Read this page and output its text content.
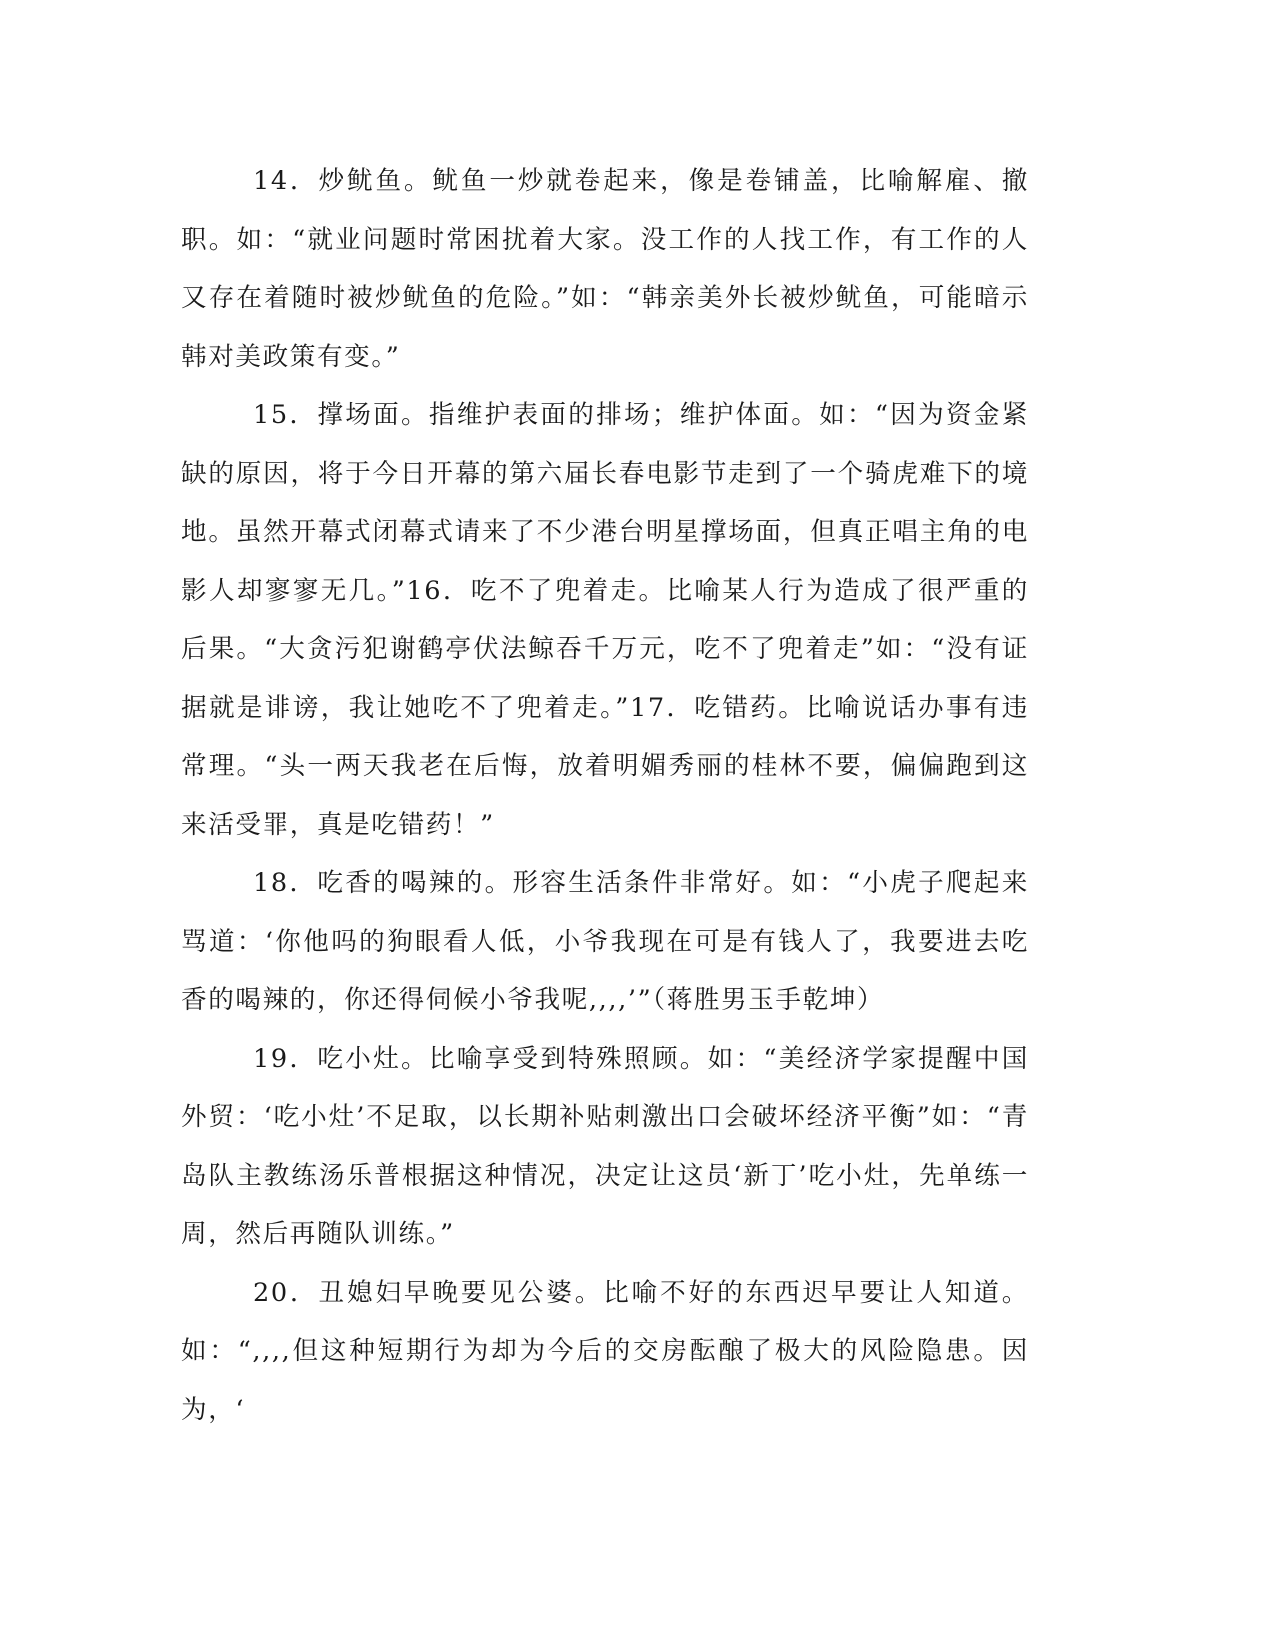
14．炒鱿鱼。鱿鱼一炒就卷起来，像是卷铺盖，比喻解雇、撤职。如：“就业问题时常困扰着大家。没工作的人找工作，有工作的人又存在着随时被炒鱿鱼的危险。”如：“韩亲美外长被炒鱿鱼，可能暗示韩对美政策有变。”

15．撑场面。指维护表面的排场；维护体面。如：“因为资金紧缺的原因，将于今日开幕的第六届长春电影节走到了一个骑虎难下的境地。虽然开幕式闭幕式请来了不少港台明星撑场面，但真正唱主角的电影人却寥寥无几。”16．吃不了兜着走。比喻某人行为造成了很严重的后果。“大贪污犯谢鹤亭伏法鲸吞千万元，吃不了兜着走”如：“没有证据就是诽谤，我让她吃不了兜着走。”17．吃错药。比喻说话办事有违常理。“头一两天我老在后悔，放着明媚秀丽的桂林不要，偏偏跑到这来活受罪，真是吃错药！”

18．吃香的喝辣的。形容生活条件非常好。如：“小虎子爬起来骂道：‘你他吗的狗眼看人低，小爷我现在可是有钱人了，我要进去吃香的喝辣的，你还得伺候小爷我呢,,,,’”（蒋胜男玉手乾坤）

19．吃小灶。比喻享受到特殊照顾。如：“美经济学家提醒中国外贸：‘吃小灶’不足取，以长期补贴刺激出口会破坏经济平衡”如：“青岛队主教练汤乐普根据这种情况，决定让这员‘新丁’吃小灶，先单练一周，然后再随队训练。”

20．丑媳妇早晚要见公婆。比喻不好的东西迟早要让人知道。如：“,,,,但这种短期行为却为今后的交房酝酿了极大的风险隐患。因为，‘
